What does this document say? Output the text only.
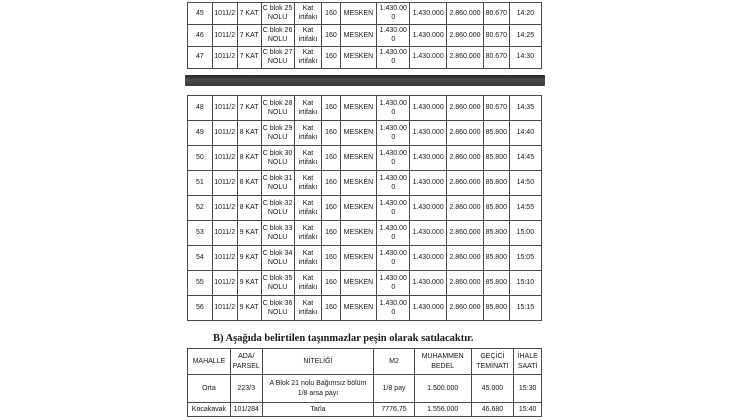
45	1011/2	7 KAT	C blok 25 NOLU	Kat irtifakı	160	MESKEN	1.430.000	1.430.000	2.860.000	80.670	14:20
46	1011/2	7 KAT	C blok 26 NOLU	Kat irtifakı	160	MESKEN	1.430.000	1.430.000	2.860.000	80.670	14:25
47	1011/2	7 KAT	C blok 27 NOLU	Kat irtifakı	160	MESKEN	1.430.000	1.430.000	2.860.000	80.670	14:30
48	1011/2	7 KAT	C blok 28 NOLU	Kat irtifakı	160	MESKEN	1.430.000	1.430.000	2.860.000	80.670	14:35
49	1011/2	8 KAT	C blok 29 NOLU	Kat irtifakı	160	MESKEN	1.430.000	1.430.000	2.860.000	85.800	14:40
50	1011/2	8 KAT	C blok 30 NOLU	Kat irtifakı	160	MESKEN	1.430.000	1.430.000	2.860.000	85.800	14:45
51	1011/2	8 KAT	C blok 31 NOLU	Kat irtifakı	160	MESKEN	1.430.000	1.430.000	2.860.000	85.800	14:50
52	1011/2	8 KAT	C blok 32 NOLU	Kat irtifakı	160	MESKEN	1.430.000	1.430.000	2.860.000	85.800	14:55
53	1011/2	9 KAT	C blok 33 NOLU	Kat irtifakı	160	MESKEN	1.430.000	1.430.000	2.860.000	85.800	15:00
54	1011/2	9 KAT	C blok 34 NOLU	Kat irtifakı	160	MESKEN	1.430.000	1.430.000	2.860.000	85.800	15:05
55	1011/2	9 KAT	C blok 35 NOLU	Kat irtifakı	160	MESKEN	1.430.000	1.430.000	2.860.000	85.800	15:10
56	1011/2	9 KAT	C blok 36 NOLU	Kat irtifakı	160	MESKEN	1.430.000	1.430.000	2.860.000	85.800	15:15
B) Aşağıda belirtilen taşınmazlar peşin olarak satılacaktır.
MAHALLE	ADA/ PARSEL	NİTELİĞİ	M2	MUHAMMEN BEDEL	GEÇİCİ TEMİNATI	İHALE SAATİ
Orta	223/3	A Blok 21 nolu Bağımsız bölüm 1/8 arsa payı	1/8 pay	1.500.000	45.000	15:30
Kocakavak	101/284	Tarla	7776,75	1.556.000	46.680	15:40
